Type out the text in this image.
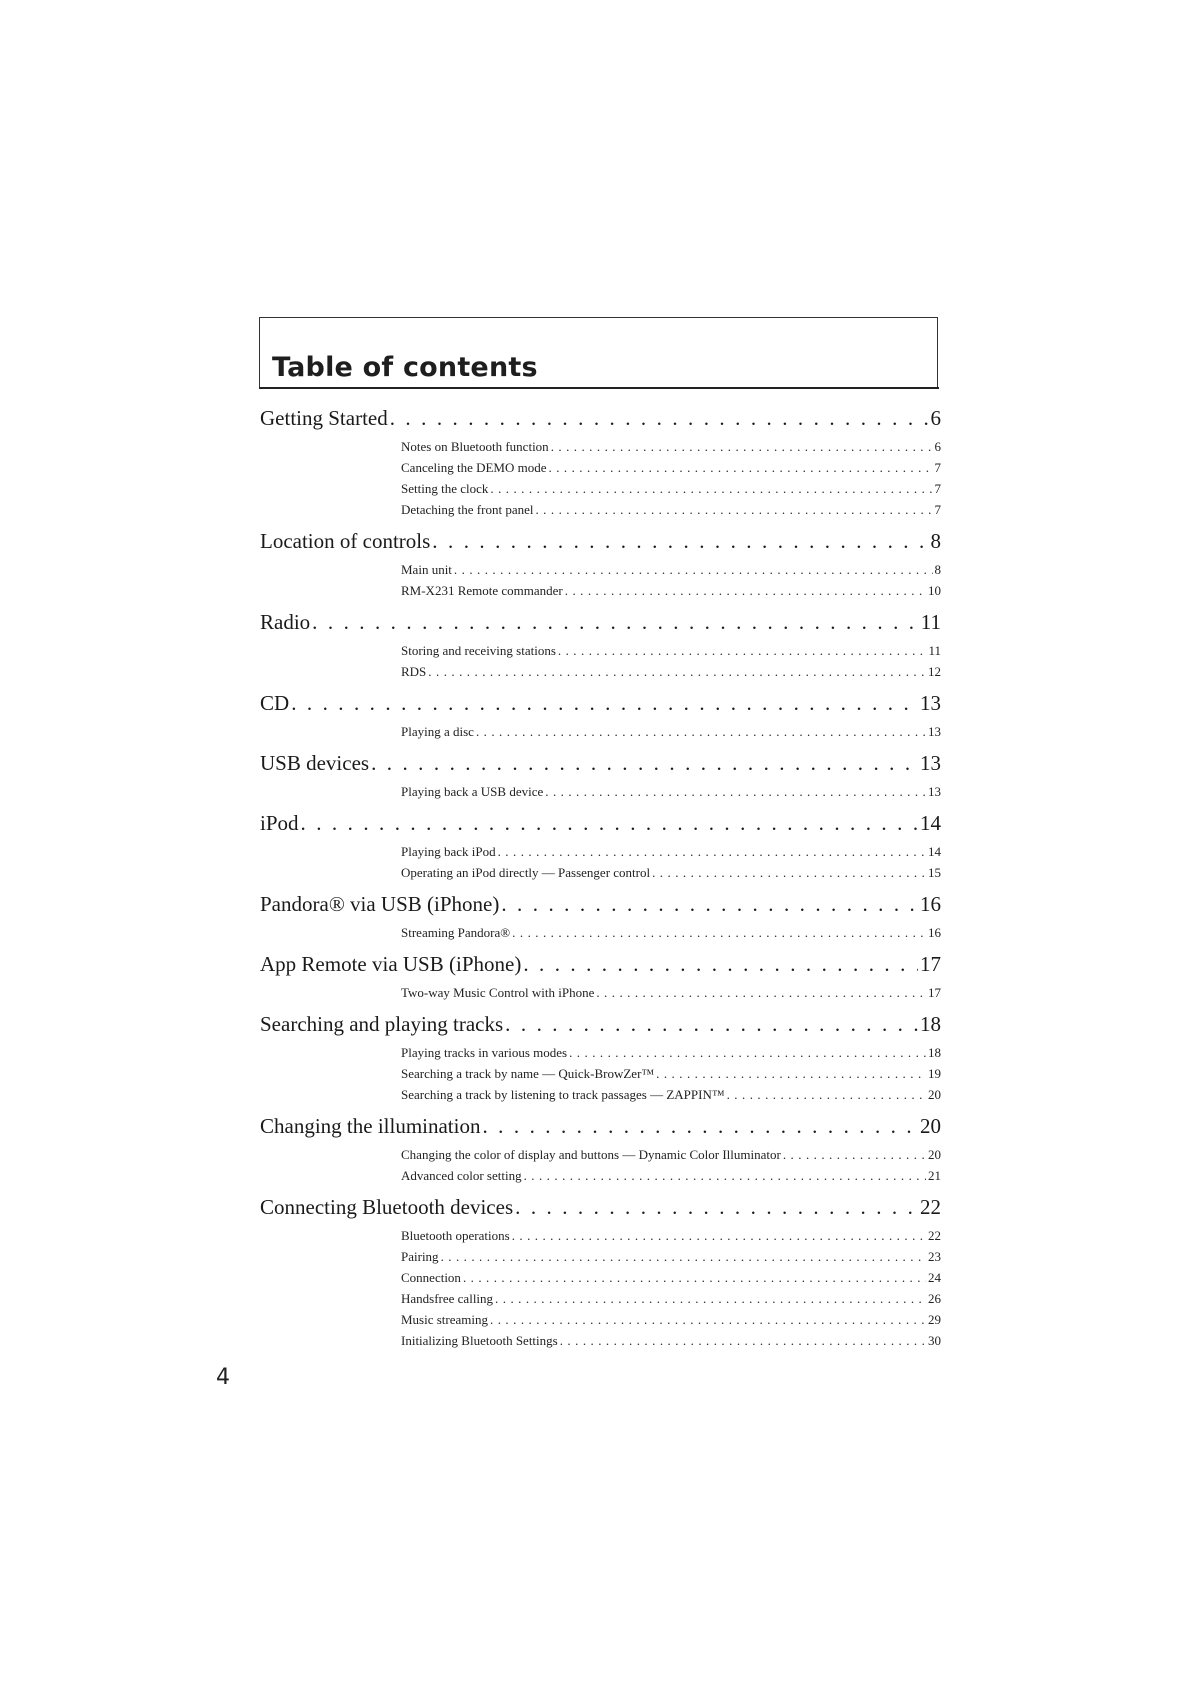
Table of contents
Getting Started . . .	6
Notes on Bluetooth function . . .	6
Canceling the DEMO mode . . .	7
Setting the clock . . .	7
Detaching the front panel . . .	7
Location of controls . . .	8
Main unit . . .	8
RM-X231 Remote commander . . .	10
Radio . . .	11
Storing and receiving stations . . .	11
RDS . . .	12
CD . . .	13
Playing a disc . . .	13
USB devices . . .	13
Playing back a USB device . . .	13
iPod . . .	14
Playing back iPod . . .	14
Operating an iPod directly — Passenger control . . .	15
Pandora® via USB (iPhone) . . .	16
Streaming Pandora® . . .	16
App Remote via USB (iPhone) . . .	17
Two-way Music Control with iPhone . . .	17
Searching and playing tracks . . .	18
Playing tracks in various modes . . .	18
Searching a track by name — Quick-BrowZer™ . . .	19
Searching a track by listening to track passages — ZAPPIN™ . . .	20
Changing the illumination . . .	20
Changing the color of display and buttons — Dynamic Color Illuminator . . .	20
Advanced color setting . . .	21
Connecting Bluetooth devices . . .	22
Bluetooth operations . . .	22
Pairing . . .	23
Connection . . .	24
Handsfree calling . . .	26
Music streaming . . .	29
Initializing Bluetooth Settings . . .	30
4
